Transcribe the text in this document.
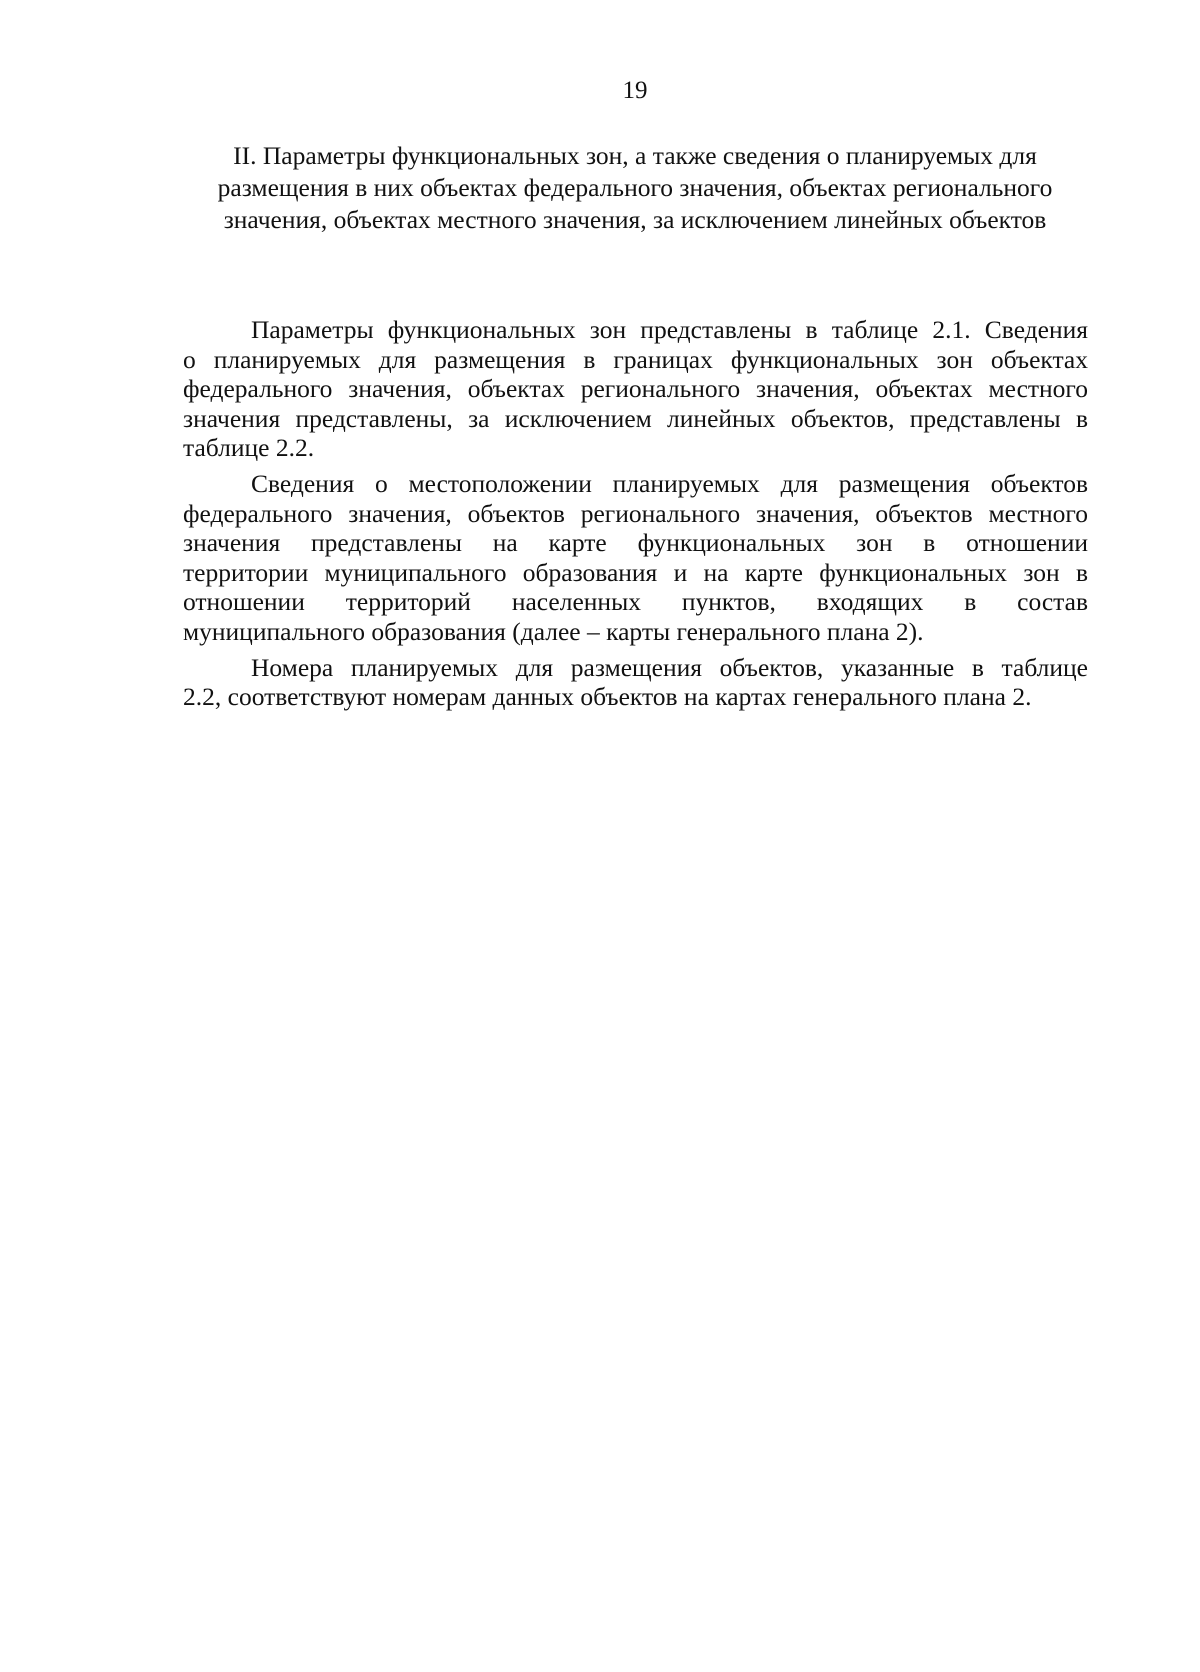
19
II. Параметры функциональных зон, а также сведения о планируемых для
размещения в них объектах федерального значения, объектах регионального
значения, объектах местного значения, за исключением линейных объектов
Параметры функциональных зон представлены в таблице 2.1. Сведения
о планируемых для размещения в границах функциональных зон объектах
федерального значения, объектах регионального значения, объектах местного
значения представлены, за исключением линейных объектов, представлены в
таблице 2.2.
Сведения о местоположении планируемых для размещения объектов
федерального значения, объектов регионального значения, объектов местного
значения представлены на карте функциональных зон в отношении
территории муниципального образования и на карте функциональных зон в
отношении территорий населенных пунктов, входящих в состав
муниципального образования (далее – карты генерального плана 2).
Номера планируемых для размещения объектов, указанные в таблице
2.2, соответствуют номерам данных объектов на картах генерального плана 2.
